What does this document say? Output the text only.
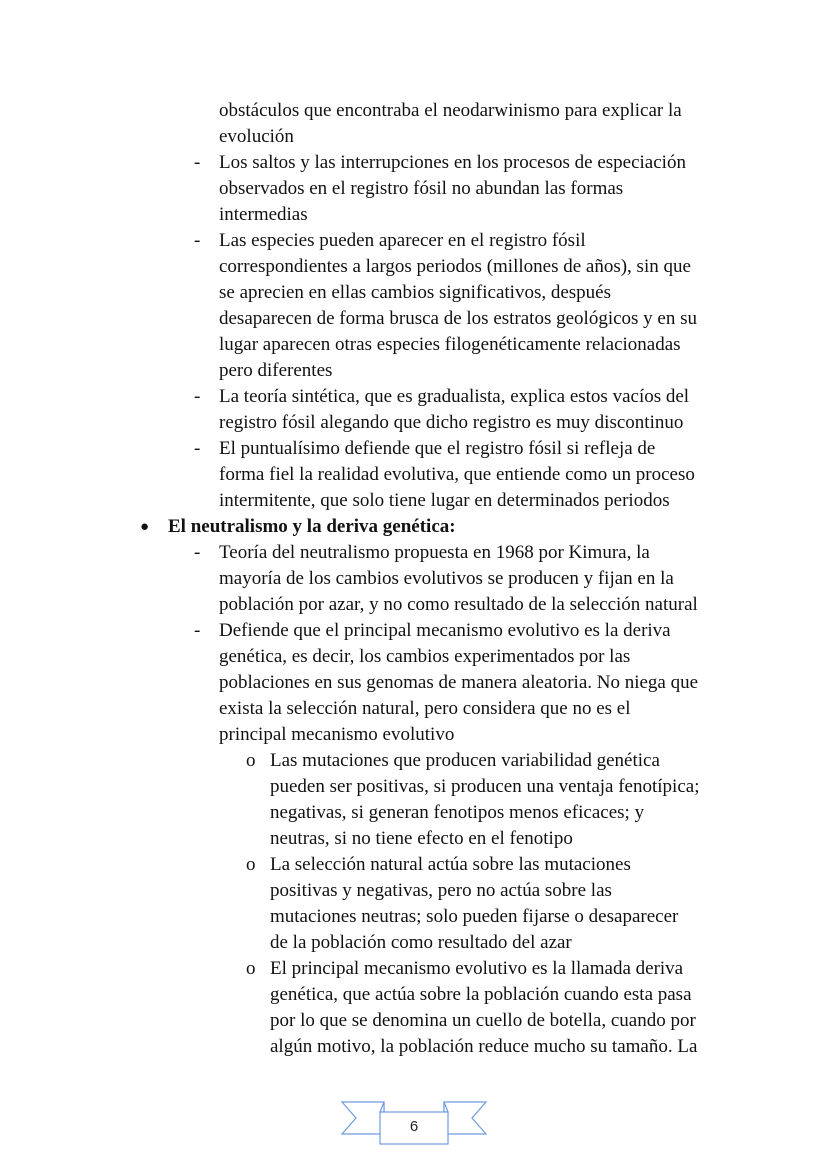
obstáculos que encontraba el neodarwinismo para explicar la
evolución
- Los saltos y las interrupciones en los procesos de especiación
observados en el registro fósil no abundan las formas
intermedias
- Las especies pueden aparecer en el registro fósil
correspondientes a largos periodos (millones de años), sin que
se aprecien en ellas cambios significativos, después
desaparecen de forma brusca de los estratos geológicos y en su
lugar aparecen otras especies filogenéticamente relacionadas
pero diferentes
- La teoría sintética, que es gradualista, explica estos vacíos del
registro fósil alegando que dicho registro es muy discontinuo
- El puntualísimo defiende que el registro fósil si refleja de
forma fiel la realidad evolutiva, que entiende como un proceso
intermitente, que solo tiene lugar en determinados periodos
● El neutralismo y la deriva genética:
- Teoría del neutralismo propuesta en 1968 por Kimura, la
mayoría de los cambios evolutivos se producen y fijan en la
población por azar, y no como resultado de la selección natural
- Defiende que el principal mecanismo evolutivo es la deriva
genética, es decir, los cambios experimentados por las
poblaciones en sus genomas de manera aleatoria. No niega que
exista la selección natural, pero considera que no es el
principal mecanismo evolutivo
o Las mutaciones que producen variabilidad genética
pueden ser positivas, si producen una ventaja fenotípica;
negativas, si generan fenotipos menos eficaces; y
neutras, si no tiene efecto en el fenotipo
o La selección natural actúa sobre las mutaciones
positivas y negativas, pero no actúa sobre las
mutaciones neutras; solo pueden fijarse o desaparecer
de la población como resultado del azar
o El principal mecanismo evolutivo es la llamada deriva
genética, que actúa sobre la población cuando esta pasa
por lo que se denomina un cuello de botella, cuando por
algún motivo, la población reduce mucho su tamaño. La
6
